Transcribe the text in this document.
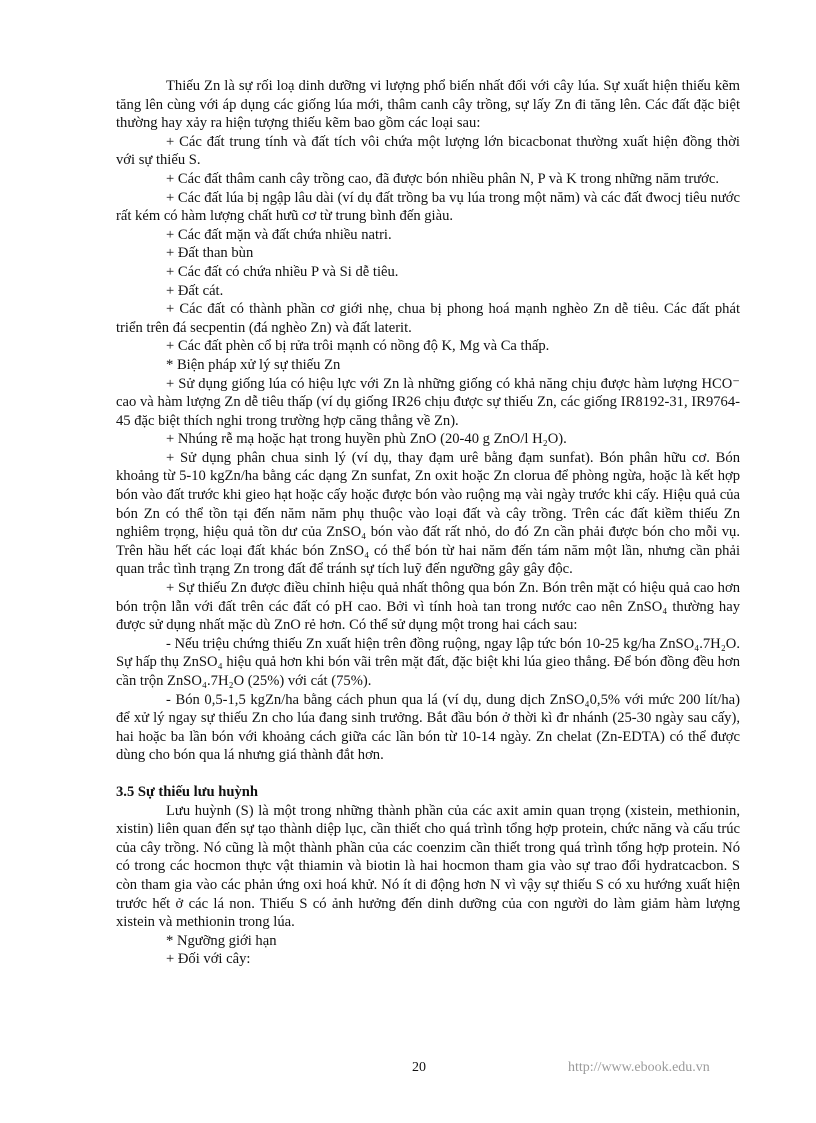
Thiếu Zn là sự rối loạ dinh dưỡng vi lượng phổ biến nhất đối với cây lúa. Sự xuất hiện thiếu kẽm tăng lên cùng với áp dụng các giống lúa mới, thâm canh cây trồng, sự lấy Zn đi tăng lên. Các đất đặc biệt thường hay xảy ra hiện tượng thiếu kẽm bao gồm các loại sau:

+ Các đất trung tính và đất tích vôi chứa một lượng lớn bicacbonat thường xuất hiện đồng thời với sự thiếu S.

+ Các đất thâm canh cây trồng cao, đã được bón nhiều phân N, P và K trong những năm trước.

+ Các đất lúa bị ngập lâu dài (ví dụ đất trồng ba vụ lúa trong một năm) và các đất đwocj tiêu nước rất kém có hàm lượng chất hưũ cơ từ trung bình đến giàu.

+ Các đất mặn và đất chứa nhiều natri.

+ Đất than bùn

+ Các đất có chứa nhiều P và Si dễ tiêu.

+ Đất cát.

+ Các đất có thành phần cơ giới nhẹ, chua bị phong hoá mạnh nghèo Zn dễ tiêu. Các đất phát triển trên đá secpentin (đá nghèo Zn) và đất laterit.

+ Các đất phèn cổ bị rửa trôi mạnh có nồng độ K, Mg và Ca thấp.

* Biện pháp xử lý sự thiếu Zn

+ Sử dụng giống lúa có hiệu lực với Zn là những giống có khả năng chịu được hàm lượng HCO⁻ cao và hàm lượng Zn dễ tiêu thấp (ví dụ giống IR26 chịu được sự thiếu Zn, các giống IR8192-31, IR9764-45 đặc biệt thích nghi trong trường hợp căng thẳng về Zn).

+ Nhúng rễ mạ hoặc hạt trong huyền phù ZnO (20-40 g ZnO/l H₂O).

+ Sử dụng phân chua sinh lý (ví dụ, thay đạm urê bằng đạm sunfat). Bón phân hữu cơ. Bón khoảng từ 5-10 kgZn/ha bằng các dạng Zn sunfat, Zn oxit hoặc Zn clorua để phòng ngừa, hoặc là kết hợp bón vào đất trước khi gieo hạt hoặc cấy hoặc được bón vào ruộng mạ vài ngày trước khi cấy. Hiệu quả của bón Zn có thể tồn tại đến năm năm phụ thuộc vào loại đất và cây trồng. Trên các đất kiềm thiếu Zn nghiêm trọng, hiệu quả tồn dư của ZnSO₄ bón vào đất rất nhỏ, do đó Zn cần phải được bón cho mỗi vụ. Trên hầu hết các loại đất khác bón ZnSO₄ có thể bón từ hai năm đến tám năm một lần, nhưng cần phải quan trắc tình trạng Zn trong đất để tránh sự tích luỹ đến ngưỡng gây gây độc.

+ Sự thiếu Zn được điều chỉnh hiệu quả nhất thông qua bón Zn. Bón trên mặt có hiệu quả cao hơn bón trộn lẫn với đất trên các đất có pH cao. Bởi vì tính hoà tan trong nước cao nên ZnSO₄ thường hay được sử dụng nhất mặc dù ZnO rẻ hơn. Có thể sử dụng một trong hai cách sau:

- Nếu triệu chứng thiếu Zn xuất hiện trên đồng ruộng, ngay lập tức bón 10-25 kg/ha ZnSO₄.7H₂O. Sự hấp thụ ZnSO₄ hiệu quả hơn khi bón vãi trên mặt đất, đặc biệt khi lúa gieo thẳng. Để bón đồng đều hơn cần trộn ZnSO₄.7H₂O (25%) với cát (75%).

- Bón 0,5-1,5 kgZn/ha bằng cách phun qua lá (ví dụ, dung dịch ZnSO₄0,5% với mức 200 lít/ha) để xử lý ngay sự thiếu Zn cho lúa đang sinh trưởng. Bắt đầu bón ở thời kì đr nhánh (25-30 ngày sau cấy), hai hoặc ba lần bón với khoảng cách giữa các lần bón từ 10-14 ngày. Zn chelat (Zn-EDTA) có thể được dùng cho bón qua lá nhưng giá thành đắt hơn.

3.5 Sự thiếu lưu huỳnh

Lưu huỳnh (S) là một trong những thành phần của các axit amin quan trọng (xistein, methionin, xistin) liên quan đến sự tạo thành diệp lục, cần thiết cho quá trình tổng hợp protein, chức năng và cấu trúc của cây trồng. Nó cũng là một thành phần của các coenzim cần thiết trong quá trình tổng hợp protein. Nó có trong các hocmon thực vật thiamin và biotin là hai hocmon tham gia vào sự trao đổi hydratcacbon. S còn tham gia vào các phản ứng oxi hoá khử. Nó ít di động hơn N vì vậy sự thiếu S có xu hướng xuất hiện trước hết ở các lá non. Thiếu S có ảnh hưởng đến dinh dưỡng của con người do làm giảm hàm lượng xistein và methionin trong lúa.

* Ngưỡng giới hạn

+ Đối với cây:

20	http://www.ebook.edu.vn
